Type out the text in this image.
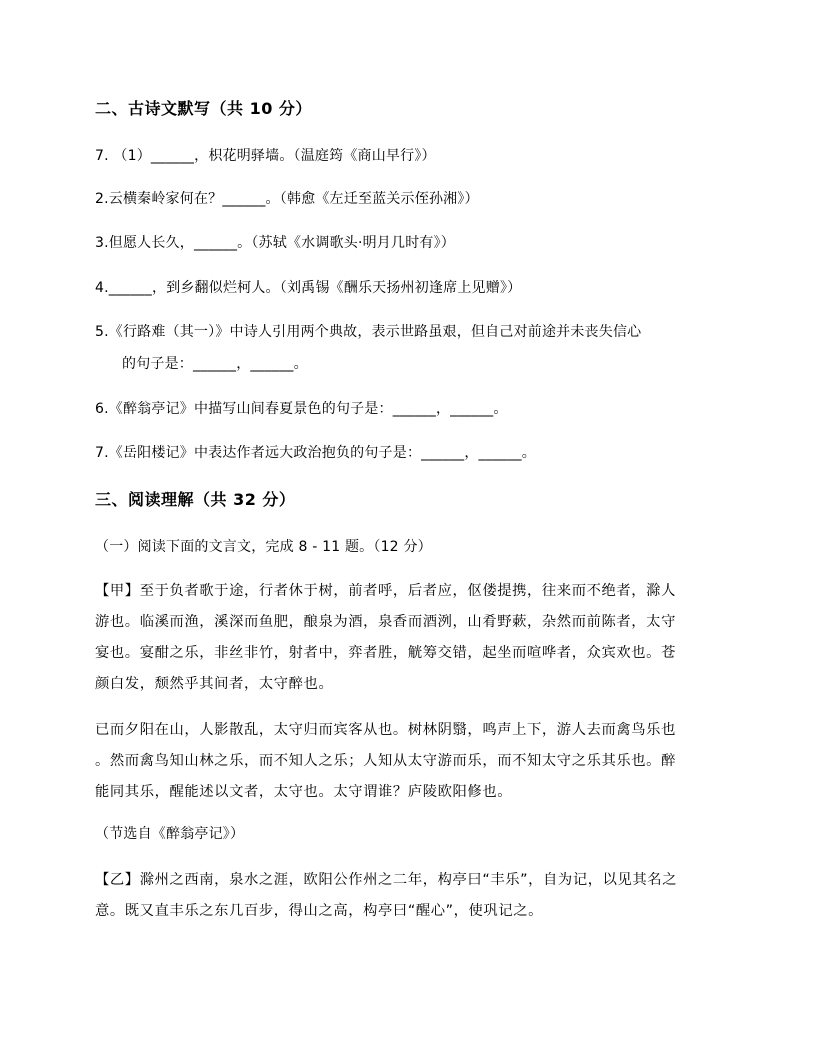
二、古诗文默写（共 10 分）
7. （1）______，枳花明驿墙。（温庭筠《商山早行》）
2.云横秦岭家何在？______。（韩愈《左迁至蓝关示侄孙湘》）
3.但愿人长久，______。（苏轼《水调歌头·明月几时有》）
4.______，到乡翻似烂柯人。（刘禹锡《酬乐天扬州初逢席上见赠》）
5.《行路难（其一）》中诗人引用两个典故，表示世路虽艰，但自己对前途并未丧失信心
的句子是：______，______。
6.《醉翁亭记》中描写山间春夏景色的句子是：______，______。
7.《岳阳楼记》中表达作者远大政治抱负的句子是：______，______。
三、阅读理解（共 32 分）
（一）阅读下面的文言文，完成 8 - 11 题。（12 分）
【甲】至于负者歌于途，行者休于树，前者呼，后者应，伛偻提携，往来而不绝者，滁人
游也。临溪而渔，溪深而鱼肥，酿泉为酒，泉香而酒洌，山肴野蔌，杂然而前陈者，太守
宴也。宴酣之乐，非丝非竹，射者中，弈者胜，觥筹交错，起坐而喧哗者，众宾欢也。苍
颜白发，颓然乎其间者，太守醉也。
已而夕阳在山，人影散乱，太守归而宾客从也。树林阴翳，鸣声上下，游人去而禽鸟乐也
。然而禽鸟知山林之乐，而不知人之乐；人知从太守游而乐，而不知太守之乐其乐也。醉
能同其乐，醒能述以文者，太守也。太守谓谁？庐陵欧阳修也。
（节选自《醉翁亭记》）
【乙】滁州之西南，泉水之涯，欧阳公作州之二年，构亭曰“丰乐”，自为记，以见其名之
意。既又直丰乐之东几百步，得山之高，构亭曰“醒心”，使巩记之。
